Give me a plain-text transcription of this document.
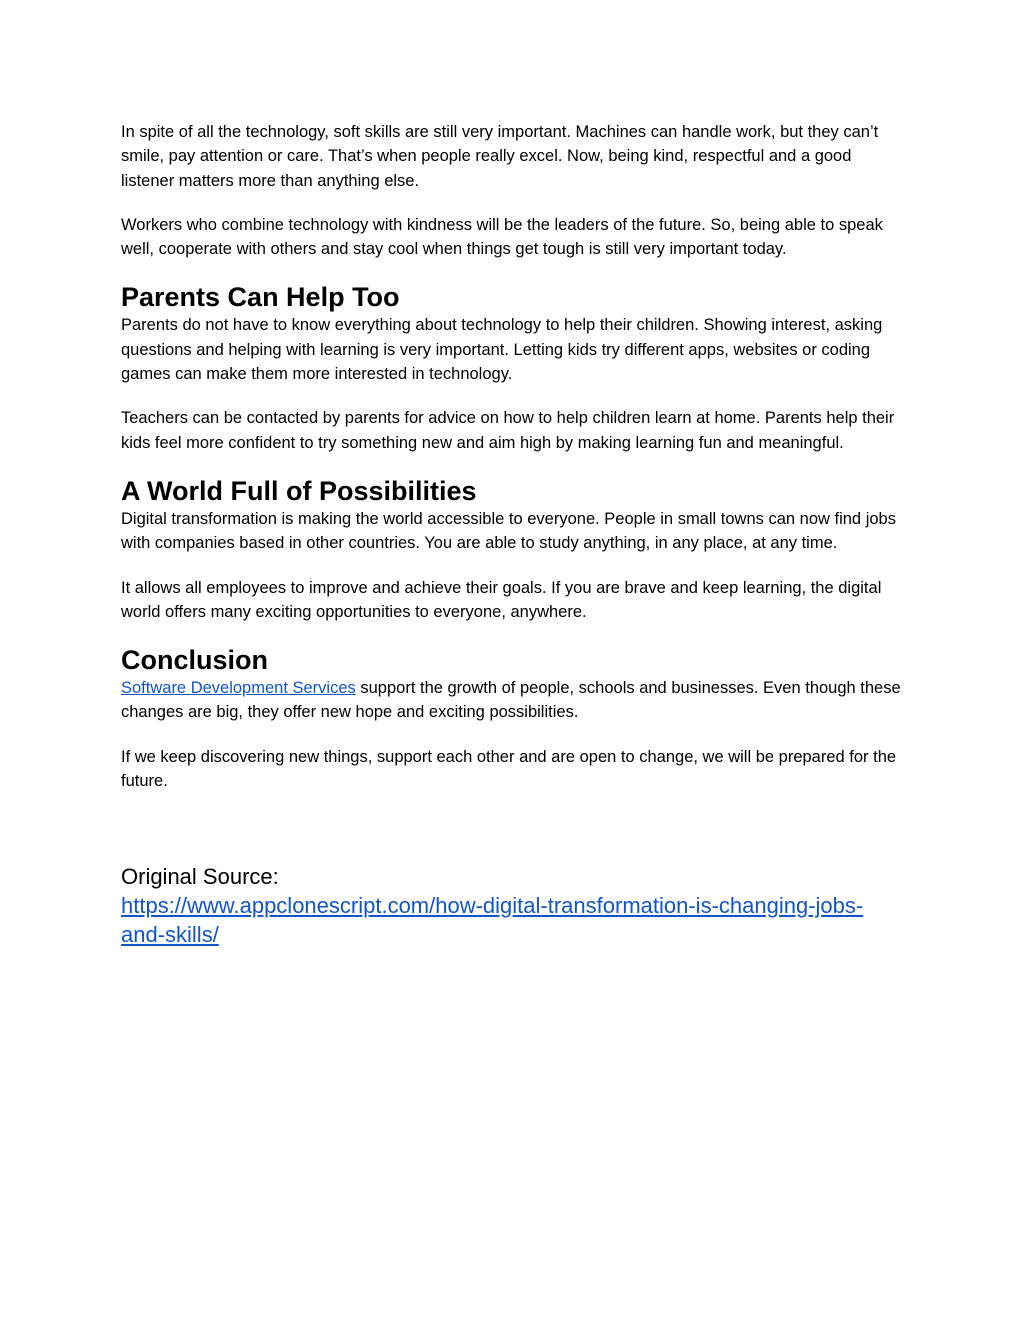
In spite of all the technology, soft skills are still very important. Machines can handle work, but they can’t smile, pay attention or care. That’s when people really excel. Now, being kind, respectful and a good listener matters more than anything else.

Workers who combine technology with kindness will be the leaders of the future. So, being able to speak well, cooperate with others and stay cool when things get tough is still very important today.

Parents Can Help Too

Parents do not have to know everything about technology to help their children. Showing interest, asking questions and helping with learning is very important. Letting kids try different apps, websites or coding games can make them more interested in technology.

Teachers can be contacted by parents for advice on how to help children learn at home. Parents help their kids feel more confident to try something new and aim high by making learning fun and meaningful.

A World Full of Possibilities

Digital transformation is making the world accessible to everyone. People in small towns can now find jobs with companies based in other countries. You are able to study anything, in any place, at any time.

It allows all employees to improve and achieve their goals. If you are brave and keep learning, the digital world offers many exciting opportunities to everyone, anywhere.

Conclusion

Software Development Services support the growth of people, schools and businesses. Even though these changes are big, they offer new hope and exciting possibilities.

If we keep discovering new things, support each other and are open to change, we will be prepared for the future.

Original Source:
https://www.appclonescript.com/how-digital-transformation-is-changing-jobs-and-skills/
